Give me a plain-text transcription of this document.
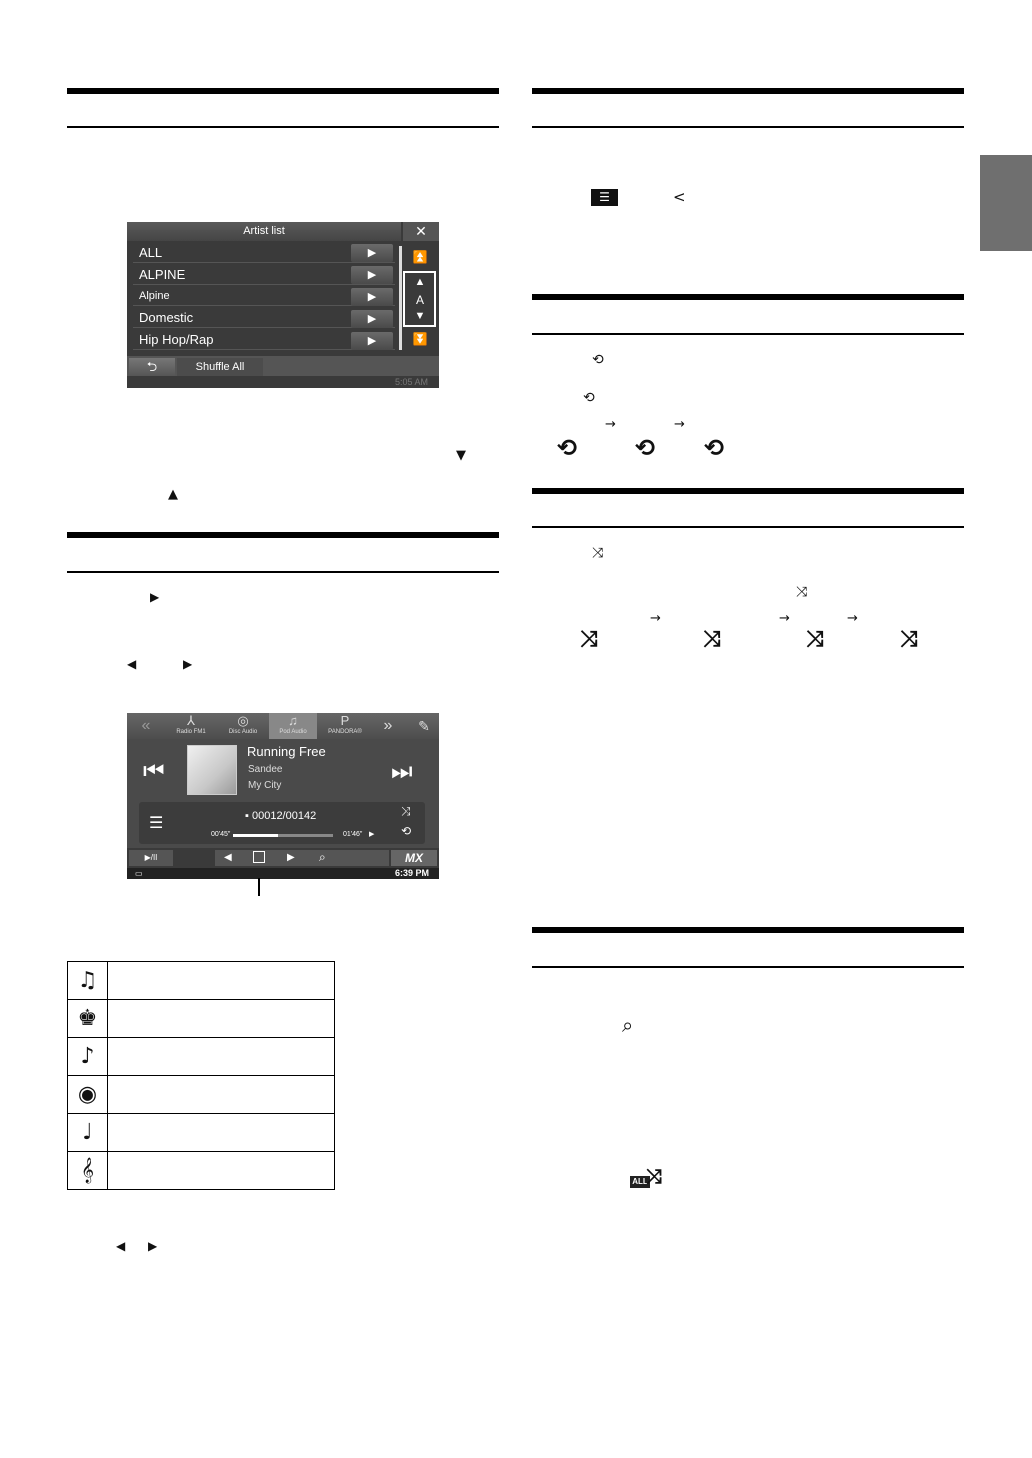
Artist list	✕
ALL	▶
ALPINE	▶
Alpine	▶
Domestic	▶
Hip Hop/Rap	▶
⏫
▲
A
▼
⏬
⮌	Shuffle All
5:05 AM
▼
▲
▶
◀	▶
«	⅄
Radio FM1
◎
Disc Audio
♫
Pod Audio
P
PANDORA®	»	✎
⏮	⏭
Running Free
Sandee
My City
☰	▪ 00012/00142
00'45"	01'46" ▶
⤨
⟲
▶/II	◀	▶ ⌕	MX
▭	6:39 PM
♫
♚
♪
◉
♩
𝄞
◀ ▶
☰	<
⟲
⟲
→	→
⟲ ⟲ ⟲
⤨
⤨
→	→	→
⤨	⤨	⤨	⤨
⌕
ALL
⤨
